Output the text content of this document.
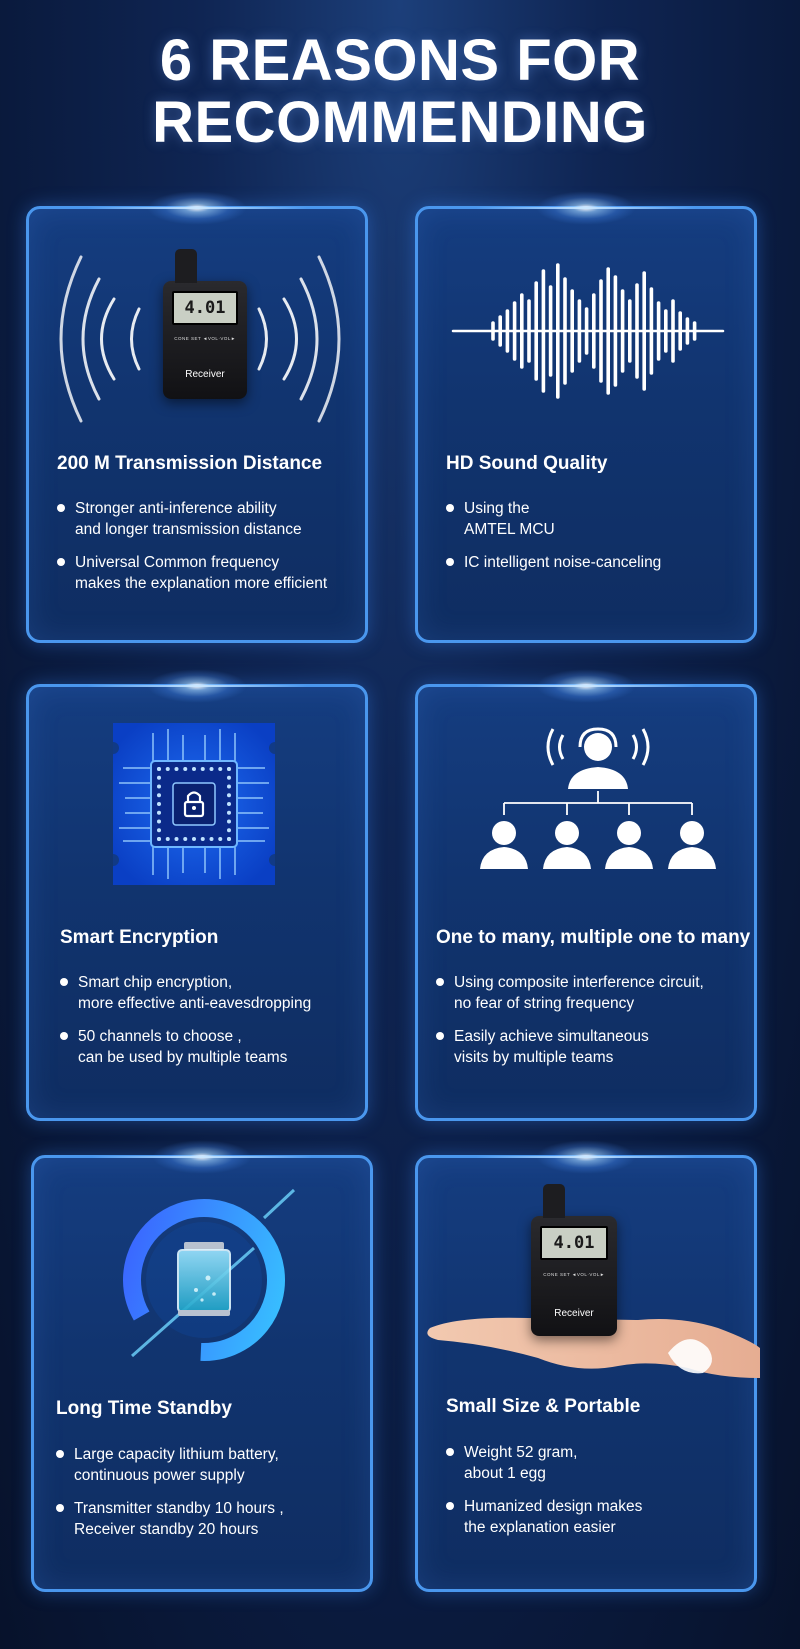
6 REASONS FOR
RECOMMENDING
4.01
CONE SET ◄VOL·VOL►
Receiver
200 M Transmission Distance
Stronger anti-inference ability
and longer transmission distance
Universal Common frequency
makes the explanation more efficient
HD Sound Quality
Using the
AMTEL MCU
IC intelligent noise-canceling
Smart Encryption
Smart chip encryption,
more effective anti-eavesdropping
50 channels to choose ,
can be used by multiple teams
One to many, multiple one to many
Using composite interference circuit,
no fear of string frequency
Easily achieve simultaneous
visits by multiple teams
Long Time Standby
Large capacity lithium battery,
continuous power supply
Transmitter standby 10 hours ,
Receiver standby 20 hours
4.01
CONE SET ◄VOL·VOL►
Receiver
Small Size & Portable
Weight 52 gram,
about 1 egg
Humanized design makes
the explanation easier
